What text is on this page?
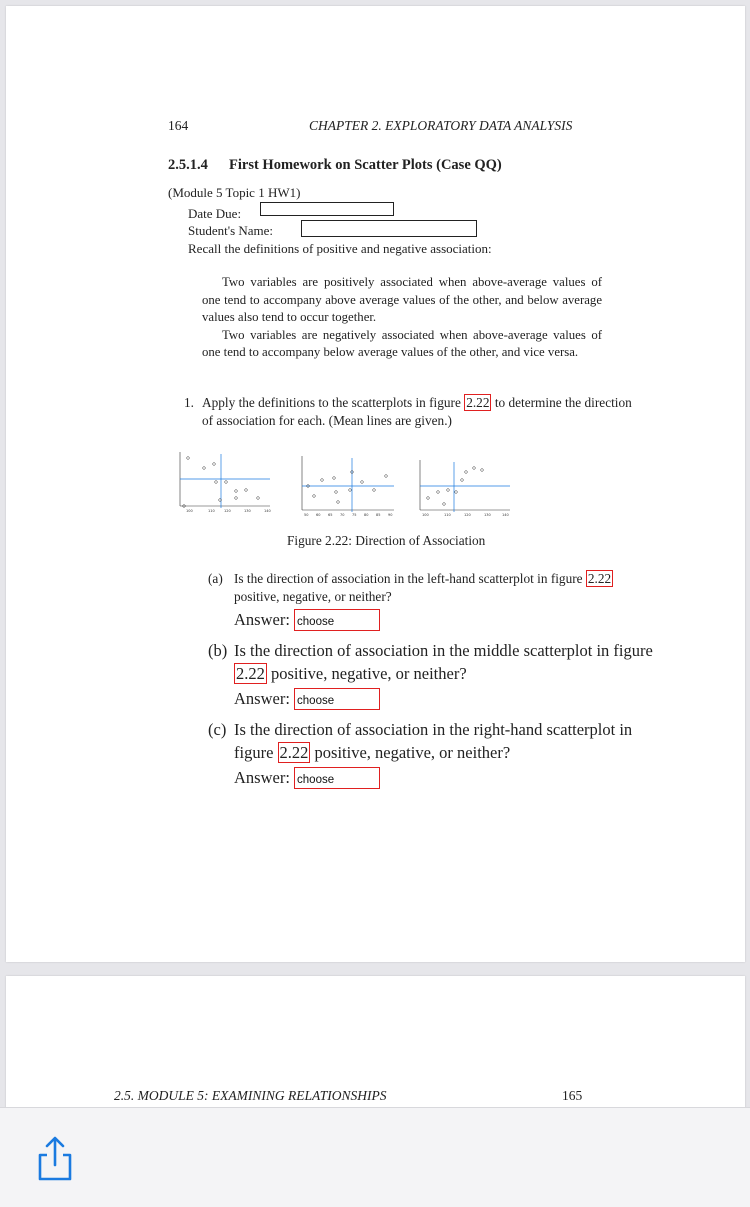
164	CHAPTER 2. EXPLORATORY DATA ANALYSIS
2.5.1.4 First Homework on Scatter Plots (Case QQ)
(Module 5 Topic 1 HW1)
Date Due:
Student's Name:
Recall the definitions of positive and negative association:

Two variables are positively associated when above-average values of one tend to accompany above average values of the other, and below average values also tend to occur together.

Two variables are negatively associated when above-average values of one tend to accompany below average values of the other, and vice versa.

1. Apply the definitions to the scatterplots in figure 2.22 to determine the direction of association for each. (Mean lines are given.)
100	110	120	130	140
50 60 65 70 75 80 85 90	100	110	120	130	140
Figure 2.22: Direction of Association
(a) Is the direction of association in the left-hand scatterplot in figure 2.22 positive, negative, or neither?
Answer: choose
(b) Is the direction of association in the middle scatterplot in figure 2.22 positive, negative, or neither?
Answer: choose
(c) Is the direction of association in the right-hand scatterplot in figure 2.22 positive, negative, or neither?
Answer: choose
2.5. MODULE 5: EXAMINING RELATIONSHIPS	165
